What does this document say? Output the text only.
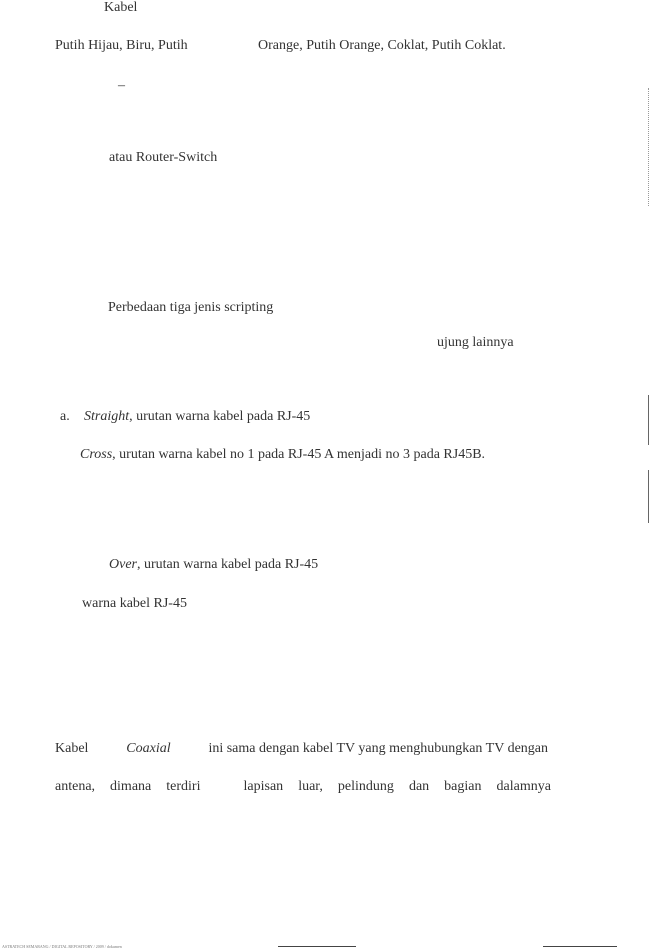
Kabel
Putih Hijau, Biru, Putih	Orange, Putih Orange, Coklat, Putih Coklat.
–
atau Router-Switch
Perbedaan tiga jenis scripting
ujung lainnya
a. Straight, urutan warna kabel pada RJ-45
Cross, urutan warna kabel no 1 pada RJ-45 A menjadi no 3 pada RJ45B.
Over, urutan warna kabel pada RJ-45
warna kabel RJ-45
Kabel	Coaxial	ini sama dengan kabel TV yang menghubungkan TV dengan
antena, dimana terdiri	lapisan luar, pelindung dan bagian dalamnya
ASTRATECH SEMARANG / DIGITAL REPOSITORY / 2009 / dokumen
